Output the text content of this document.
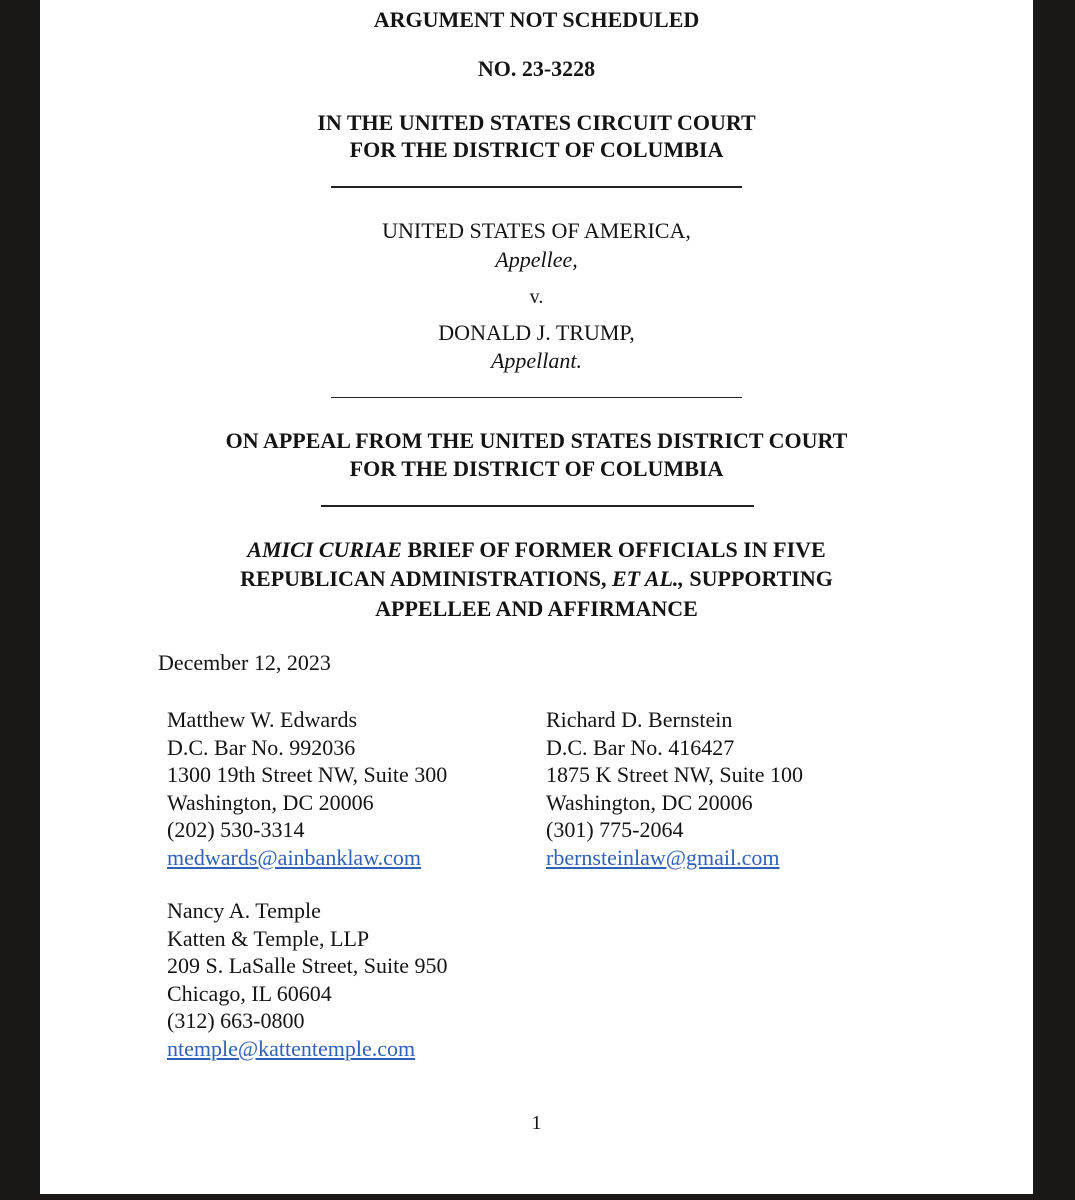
ARGUMENT NOT SCHEDULED
NO. 23-3228
IN THE UNITED STATES CIRCUIT COURT
FOR THE DISTRICT OF COLUMBIA
UNITED STATES OF AMERICA,
Appellee,
v.
DONALD J. TRUMP,
Appellant.
ON APPEAL FROM THE UNITED STATES DISTRICT COURT
FOR THE DISTRICT OF COLUMBIA
AMICI CURIAE BRIEF OF FORMER OFFICIALS IN FIVE
REPUBLICAN ADMINISTRATIONS, ET AL., SUPPORTING
APPELLEE AND AFFIRMANCE
December 12, 2023
Matthew W. Edwards
D.C. Bar No. 992036
1300 19th Street NW, Suite 300
Washington, DC 20006
(202) 530-3314
medwards@ainbanklaw.com
Richard D. Bernstein
D.C. Bar No. 416427
1875 K Street NW, Suite 100
Washington, DC 20006
(301) 775-2064
rbernsteinlaw@gmail.com
Nancy A. Temple
Katten & Temple, LLP
209 S. LaSalle Street, Suite 950
Chicago, IL 60604
(312) 663-0800
ntemple@kattentemple.com
1
